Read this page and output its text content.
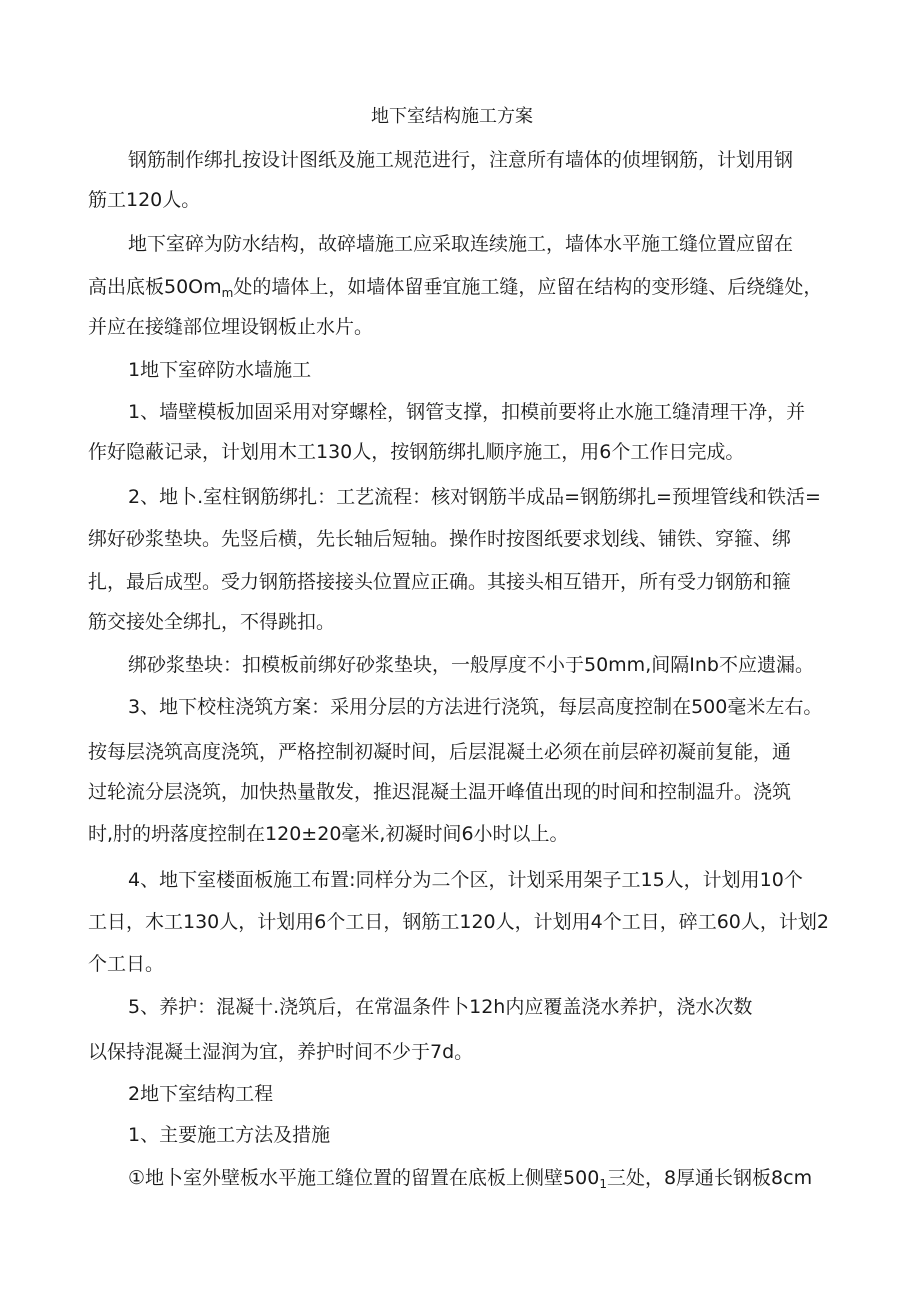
地下室结构施工方案
钢筋制作绑扎按设计图纸及施工规范进行，注意所有墙体的侦埋钢筋，计划用钢
筋工120人。
地下室碎为防水结构，故碎墙施工应采取连续施工，墙体水平施工缝位置应留在
高出底板$50Om_m$处的墙体上，如墙体留垂宜施工缝，应留在结构的变形缝、后绕缝处，
并应在接缝部位埋设钢板止水片。
1地下室碎防水墙施工
1、墙壁模板加固采用对穿螺栓，钢管支撑，扣模前要将止水施工缝清理干净，并
作好隐蔽记录，计划用木工130人，按钢筋绑扎顺序施工，用6个工作日完成。
2、地卜.室柱钢筋绑扎：工艺流程：核对钢筋半成品=钢筋绑扎=预埋管线和铁活=
绑好砂浆垫块。先竖后横，先长轴后短轴。操作时按图纸要求划线、铺铁、穿箍、绑
扎，最后成型。受力钢筋搭接接头位置应正确。其接头相互错开，所有受力钢筋和箍
筋交接处全绑扎，不得跳扣。
绑砂浆垫块：扣模板前绑好砂浆垫块，一般厚度不小于50mm,间隔Inb不应遗漏。
3、地下校柱浇筑方案：采用分层的方法进行浇筑，每层高度控制在500毫米左右。
按每层浇筑高度浇筑，严格控制初凝时间，后层混凝土必须在前层碎初凝前复能，通
过轮流分层浇筑，加快热量散发，推迟混凝土温开峰值出现的时间和控制温升。浇筑
时,肘的坍落度控制在120±20毫米,初凝时间6小时以上。
4、地下室楼面板施工布置:同样分为二个区，计划采用架子工15人，计划用10个
工日，木工130人，计划用6个工日，钢筋工120人，计划用4个工日，碎工60人，计划2
个工日。
5、养护：混凝十.浇筑后，在常温条件卜12h内应覆盖浇水养护，浇水次数
以保持混凝土湿润为宜，养护时间不少于7d。
2地下室结构工程
1、主要施工方法及措施
①地卜室外壁板水平施工缝位置的留置在底板上侧壁$500_1$三处，8厚通长钢板8cm
